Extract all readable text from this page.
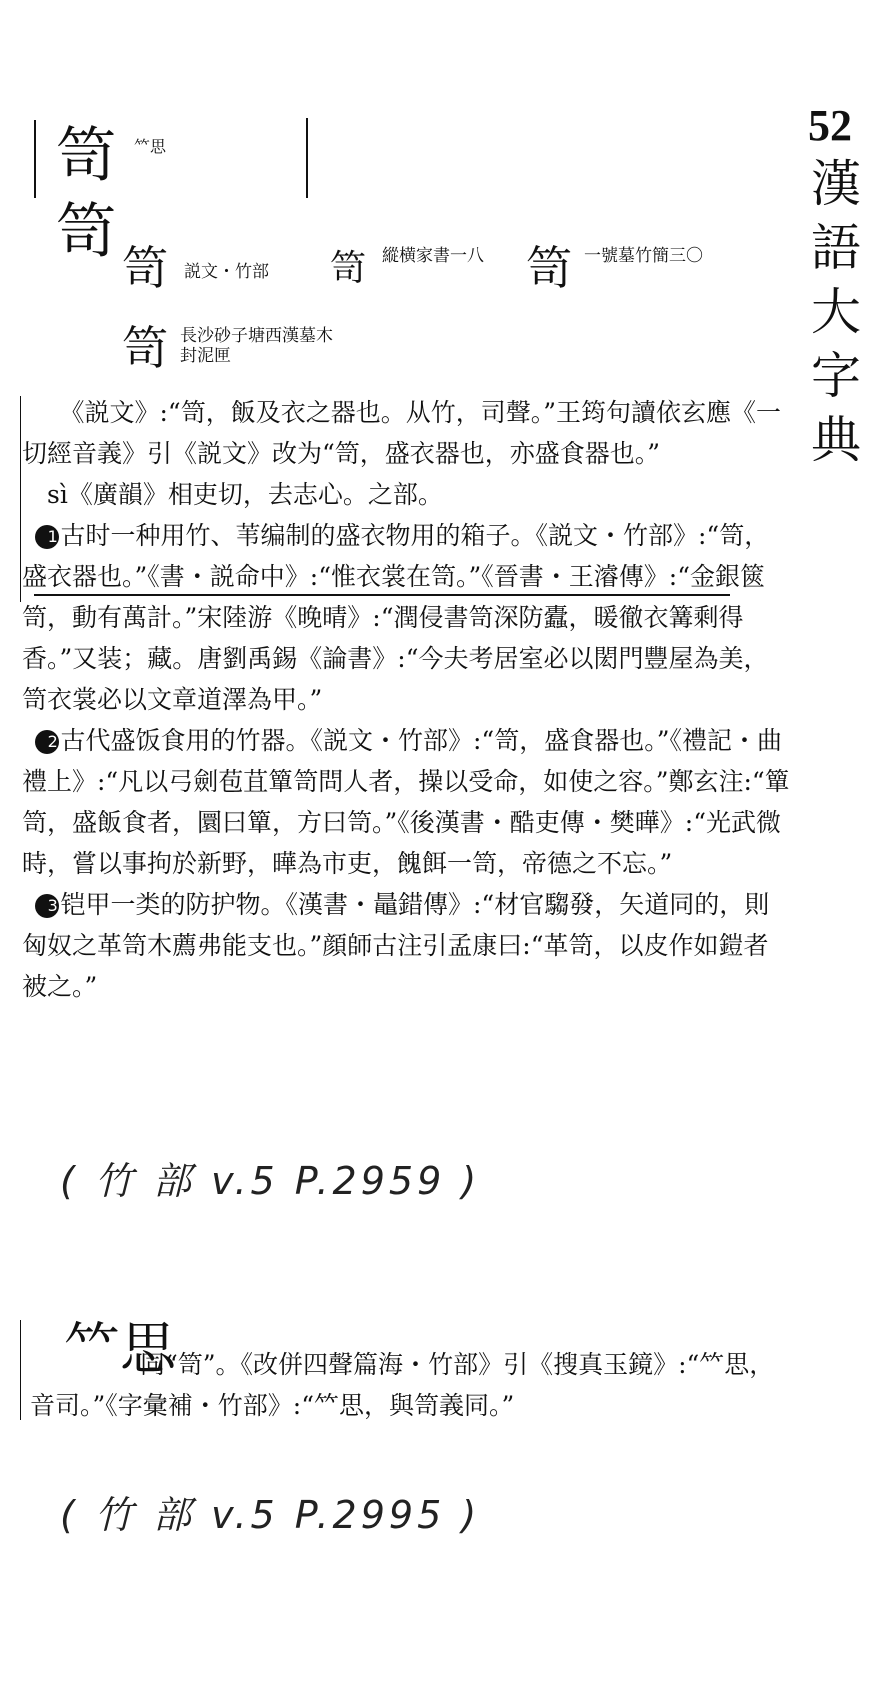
52
漢
語
大
字
典
笥 𥫗思
笥
笥 説文・竹部	笥 縱横家書一八 笥 一號墓竹簡三〇
笥 長沙砂子塘西漢墓木封泥匣

《説文》:“笥，飯及衣之器也。从竹，司聲。”王筠句讀依玄應《一切經音義》引《説文》改为“笥，盛衣器也，亦盛食器也。”

sì《廣韻》相吏切，去志心。之部。

1 古时一种用竹、苇编制的盛衣物用的箱子。《説文・竹部》:“笥，盛衣器也。”《書・説命中》:“惟衣裳在笥。”《晉書・王濬傳》:“金銀篋笥，動有萬計。”宋陸游《晚晴》:“潤侵書笥深防蠹，暖徹衣篝剩得香。”又装；藏。唐劉禹錫《論書》:“今夫考居室必以閎門豐屋為美，笥衣裳必以文章道澤為甲。”

2 古代盛饭食用的竹器。《説文・竹部》:“笥，盛食器也。”《禮記・曲禮上》:“凡以弓劍苞苴簞笥問人者，操以受命，如使之容。”鄭玄注:“簞笥，盛飯食者，圜曰簞，方曰笥。”《後漢書・酷吏傳・樊曄》:“光武微時，嘗以事拘於新野，曄為市吏，餽餌一笥，帝德之不忘。”

3 铠甲一类的防护物。《漢書・鼂錯傳》:“材官騶發，矢道同的，則匈奴之革笥木薦弗能支也。”顔師古注引孟康曰:“革笥，以皮作如鎧者被之。”

( 竹 部 v.5 P.2959 )
𥫗思
同“笥”。《改併四聲篇海・竹部》引《搜真玉鏡》:“𥫗思，音司。”《字彙補・竹部》:“𥫗思，與笥義同。”
( 竹 部 v.5 P.2995 )
